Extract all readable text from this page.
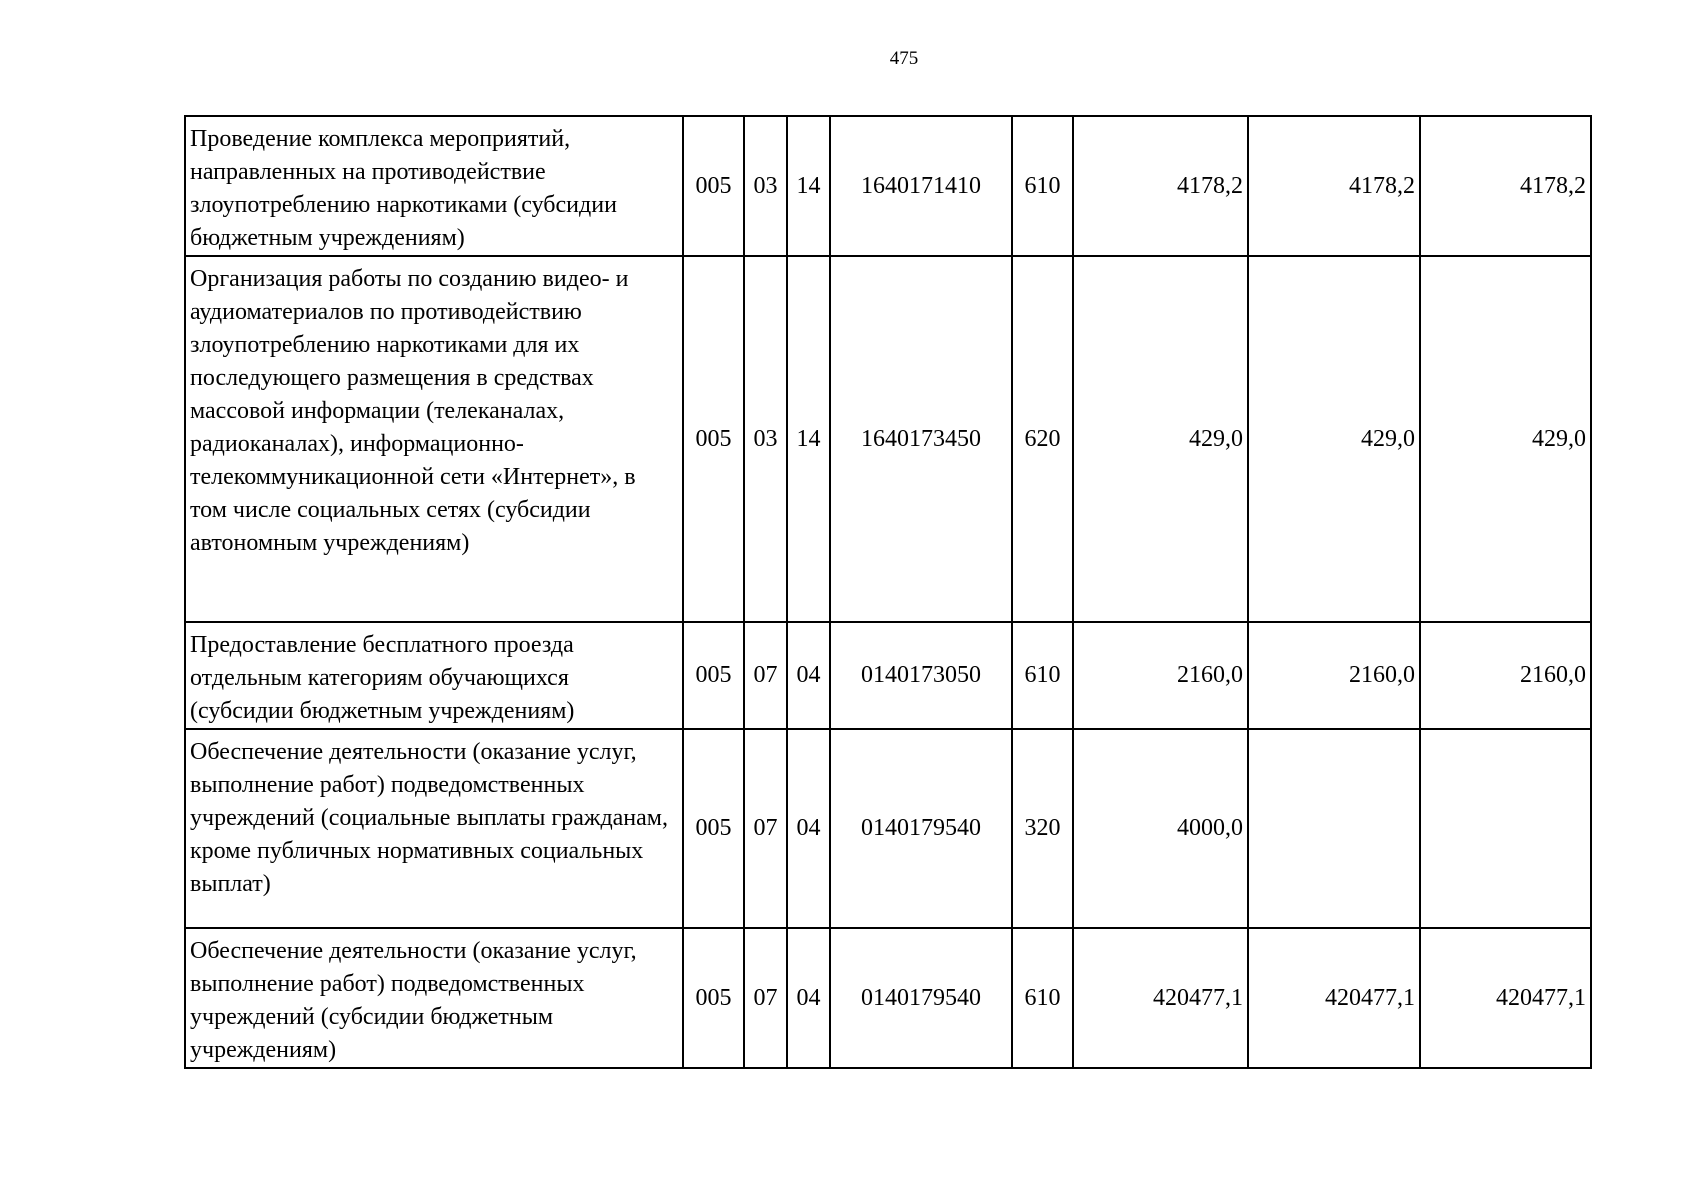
475
Проведение комплекса мероприятий, направленных на противодействие злоупотреблению наркотиками (субсидии бюджетным учреждениям)	005	03	14	1640171410	610	4178,2	4178,2	4178,2
Организация работы по созданию видео- и аудиоматериалов по противодействию злоупотреблению наркотиками для их последующего размещения в средствах массовой информации (телеканалах, радиоканалах), информационно-телекоммуникационной сети «Интернет», в том числе социальных сетях (субсидии автономным учреждениям)	005	03	14	1640173450	620	429,0	429,0	429,0
Предоставление бесплатного проезда отдельным категориям обучающихся (субсидии бюджетным учреждениям)	005	07	04	0140173050	610	2160,0	2160,0	2160,0
Обеспечение деятельности (оказание услуг, выполнение работ) подведомственных учреждений (социальные выплаты гражданам, кроме публичных нормативных социальных выплат)	005	07	04	0140179540	320	4000,0		
Обеспечение деятельности (оказание услуг, выполнение работ) подведомственных учреждений (субсидии бюджетным учреждениям)	005	07	04	0140179540	610	420477,1	420477,1	420477,1
